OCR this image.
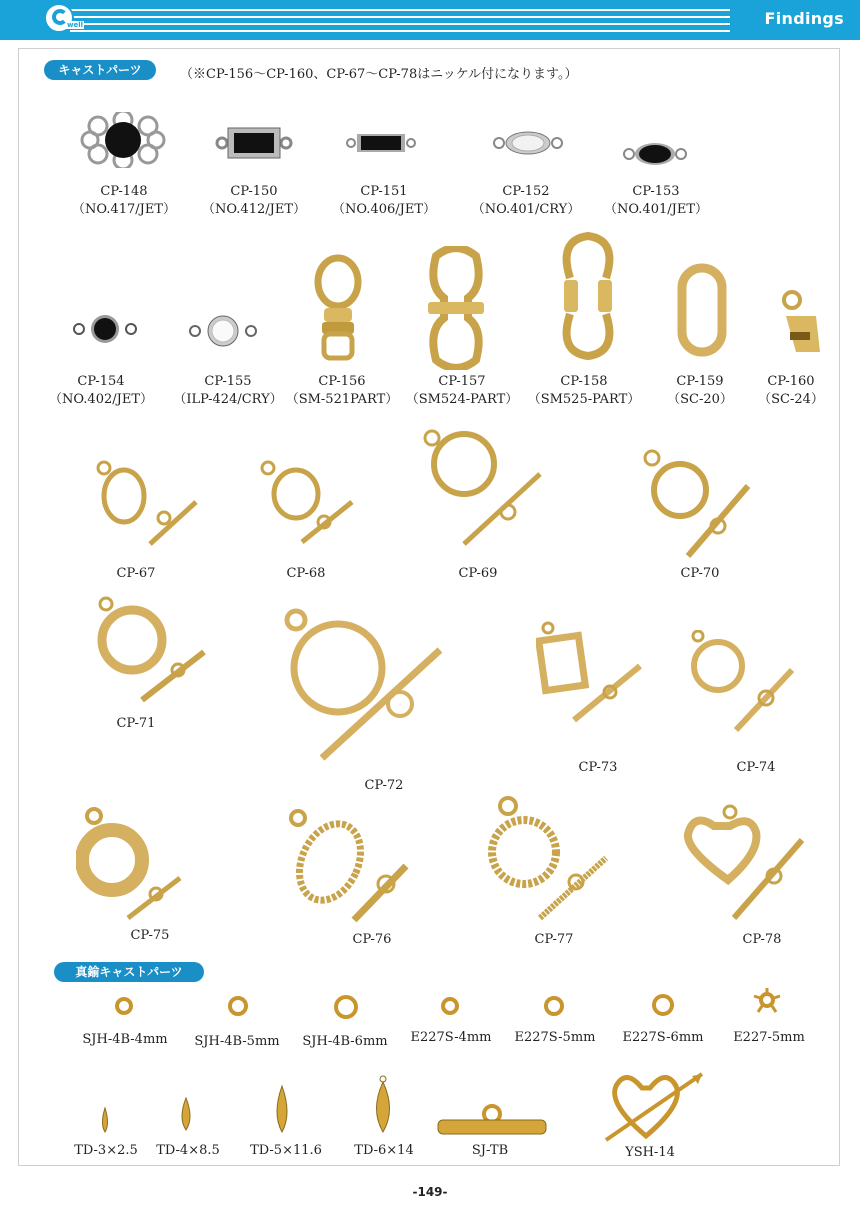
well	Findings
キャストパーツ	（※CP-156〜CP-160、CP-67〜CP-78はニッケル付になります。）
CP-148
（NO.417/JET）
CP-150
（NO.412/JET）
CP-151
（NO.406/JET）
CP-152
（NO.401/CRY）
CP-153
（NO.401/JET）
CP-154
（NO.402/JET）
CP-155
（ILP-424/CRY）
CP-156
（SM-521PART）
CP-157
（SM524-PART）
CP-158
（SM525-PART）
CP-159
（SC-20）
CP-160
（SC-24）
CP-67	CP-68	CP-69	CP-70
CP-71
CP-72
CP-73	CP-74
CP-75	CP-76	CP-77	CP-78
真鍮キャストパーツ
SJH-4B-4mm	SJH-4B-5mm	SJH-4B-6mm	E227S-4mm	E227S-5mm	E227S-6mm	E227-5mm
TD-3×2.5	TD-4×8.5	TD-5×11.6	TD-6×14	SJ-TB	YSH-14
-149-
